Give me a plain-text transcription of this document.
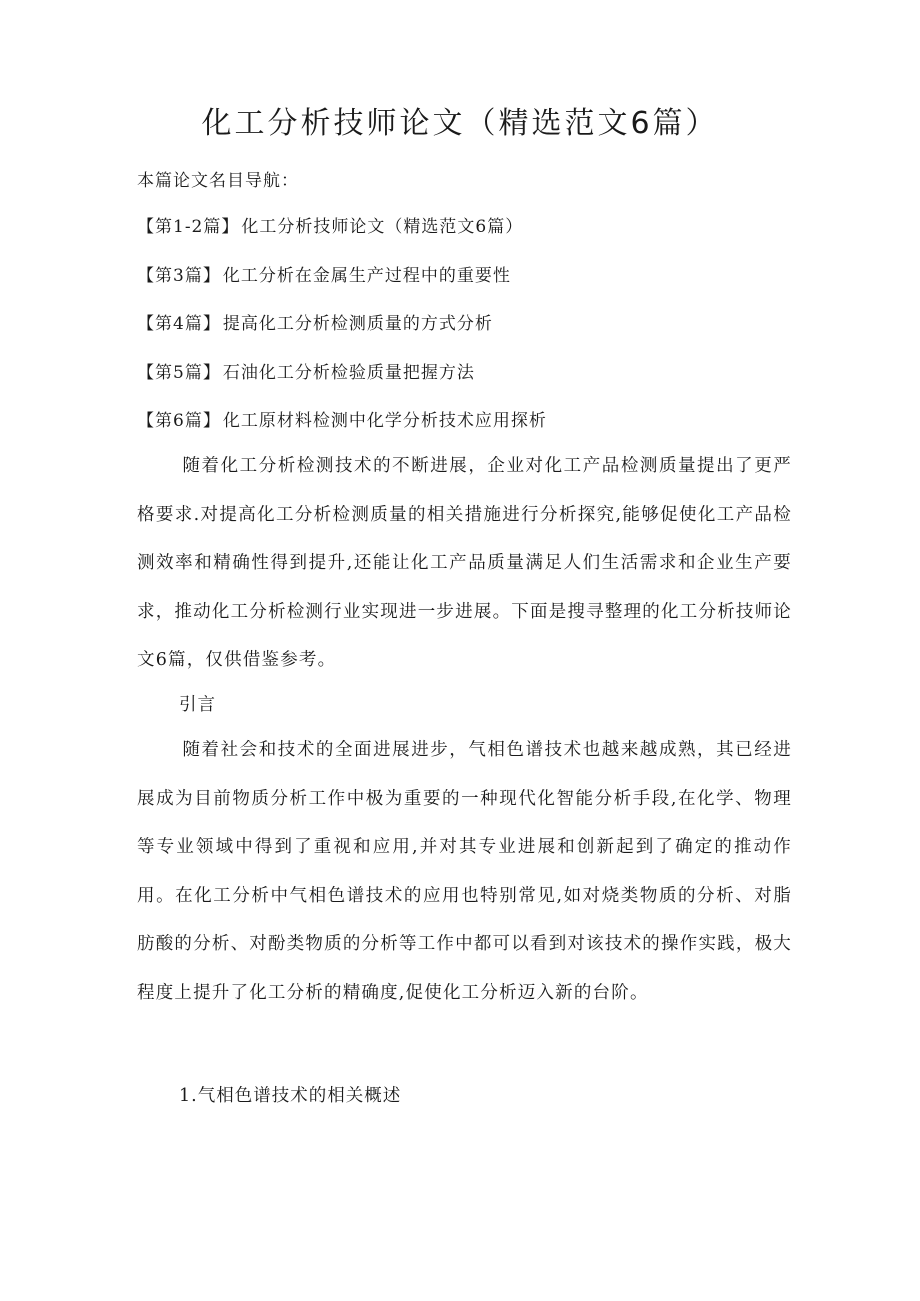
化工分析技师论文（精选范文6篇）
本篇论文名目导航：
【第1-2篇】 化工分析技师论文（精选范文6篇）
【第3篇】 化工分析在金属生产过程中的重要性
【第4篇】 提高化工分析检测质量的方式分析
【第5篇】 石油化工分析检验质量把握方法
【第6篇】 化工原材料检测中化学分析技术应用探析

随着化工分析检测技术的不断进展，企业对化工产品检测质量提出了更严格要求.对提高化工分析检测质量的相关措施进行分析探究,能够促使化工产品检测效率和精确性得到提升,还能让化工产品质量满足人们生活需求和企业生产要求，推动化工分析检测行业实现进一步进展。下面是搜寻整理的化工分析技师论文6篇，仅供借鉴参考。

引言

随着社会和技术的全面进展进步，气相色谱技术也越来越成熟，其已经进展成为目前物质分析工作中极为重要的一种现代化智能分析手段,在化学、物理等专业领域中得到了重视和应用,并对其专业进展和创新起到了确定的推动作用。在化工分析中气相色谱技术的应用也特别常见,如对烧类物质的分析、对脂肪酸的分析、对酚类物质的分析等工作中都可以看到对该技术的操作实践，极大程度上提升了化工分析的精确度,促使化工分析迈入新的台阶。

1.气相色谱技术的相关概述
